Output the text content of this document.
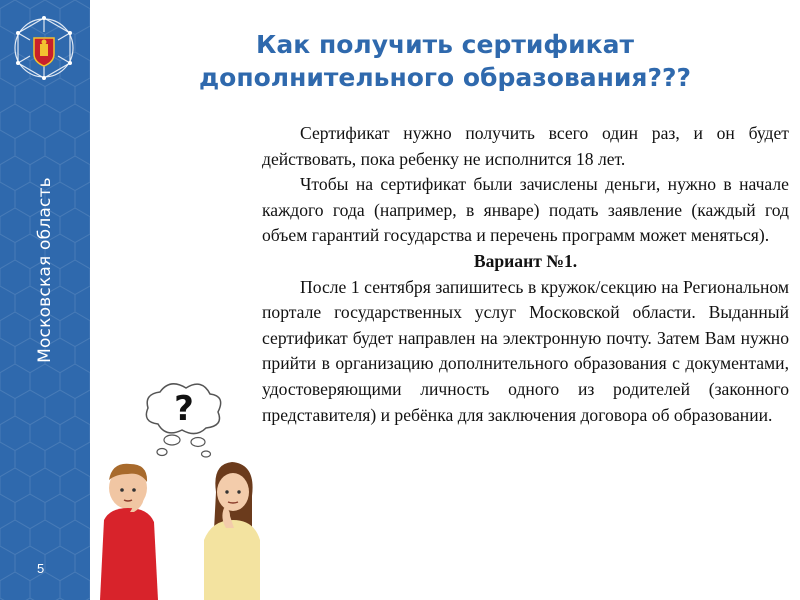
Московская область
5
Как получить сертификат
дополнительного образования???

Сертификат нужно получить всего один раз, и он будет действовать, пока ребенку не исполнится 18 лет.

Чтобы на сертификат были зачислены деньги, нужно в начале каждого года (например, в январе) подать заявление (каждый год объем гарантий государства и перечень программ может меняться).

Вариант №1.

После 1 сентября запишитесь в кружок/секцию на Региональном портале государственных услуг Московской области. Выданный сертификат будет направлен на электронную почту. Затем Вам нужно прийти в организацию дополнительного образования с документами, удостоверяющими личность одного из родителей (законного представителя) и ребёнка для заключения договора об образовании.

?
